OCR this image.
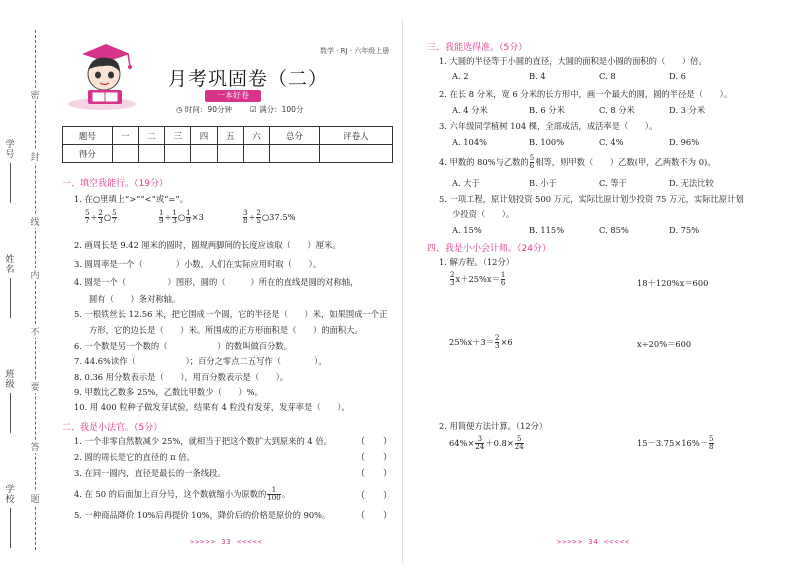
学号
姓名
班级
学校
密
封
线
内
不
要
答
题
数学 · RJ · 六年级上册
月考巩固卷（二）
一本好卷
◷ 时间：90分钟 ☑ 满分：100分
题号	一	二	三	四	五	六	总分	评卷人
得分								
一、填空我能行。（19分）
1. 在○里填上“>”“<”或“=”。
$\frac{5}{7} \div \frac{2}{3}$ ○ $\frac{5}{7}$	$\frac{1}{9} \div \frac{1}{3}$ ○ $\frac{1}{9} \times 3$	$\frac{3}{8} \div \frac{2}{5}$ ○37.5%
2. 画周长是 9.42 厘米的圆时，圆规两脚间的长度应该取（　　）厘米。
3. 圆周率是一个（　　　　）小数，人们在实际应用时取（　　）。
4. 圆是一个（　　　　　）图形，圆的（　　　）所在的直线是圆的对称轴，
圆有（　　）条对称轴。
5. 一根铁丝长 12.56 米，把它围成一个圆，它的半径是（　　）米，如果围成一个正
方形，它的边长是（　　）米。所围成的正方形面积是（　　）的面积大。
6. 一个数是另一个数的（　　　　　　）的数叫做百分数。
7. 44.6%读作（　　　　　　）；百分之零点二五写作（　　　　）。
8. 0.36 用分数表示是（　　），用百分数表示是（　　）。
9. 甲数比乙数多 25%，乙数比甲数少（　　）%。
10. 用 400 粒种子做发芽试验，结果有 4 粒没有发芽，发芽率是（　　）。
二、我是小法官。（5分）
1. 一个非零自然数减少 25%，就相当于把这个数扩大到原来的 4 倍。	（　　）
2. 圆的周长是它的直径的 π 倍。	（　　）
3. 在同一圆内，直径是最长的一条线段。	（　　）
4. 在 50 的后面加上百分号，这个数就缩小为原数的 $\frac{1}{100}$ 。	（　　）
5. 一种商品降价 10%后再提价 10%，降价后的价格是原价的 90%。	（　　）
>>>>> 33 <<<<<
三、我能选得准。（5分）
1. 大圆的半径等于小圆的直径，大圆的面积是小圆的面积的（　　）倍。
A. 2	B. 4	C. 8	D. 6
2. 在长 8 分米，宽 6 分米的长方形中，画一个最大的圆，圆的半径是（　　）。
A. 4 分米	B. 6 分米	C. 8 分米	D. 3 分米
3. 六年级同学植树 104 棵，全部成活，成活率是（　　）。
A. 104%	B. 100%	C. 4%	D. 96%
4. 甲数的 80%与乙数的 $\frac{5}{6}$ 相等，则甲数（　　）乙数(甲，乙两数不为 0)。
A. 大于	B. 小于	C. 等于	D. 无法比较
5. 一项工程，原计划投资 500 万元，实际比原计划少投资 75 万元，实际比原计划
少投资（　　）。
A. 15%	B. 115%	C. 85%	D. 75%
四、我是小小会计师。（24分）
1. 解方程。（12分）
$\frac{2}{3} x+25\%x= \frac{1}{6}$	18＋120%x＝600
$25\%x+3= \frac{2}{3} \times 6$	x÷20%＝600
2. 用简便方法计算。（12分）
$64\%\times \frac{3}{24} +0.8\times \frac{5}{24}$	$15-3.75\times 16\%- \frac{5}{8}$
>>>>> 34 <<<<<
